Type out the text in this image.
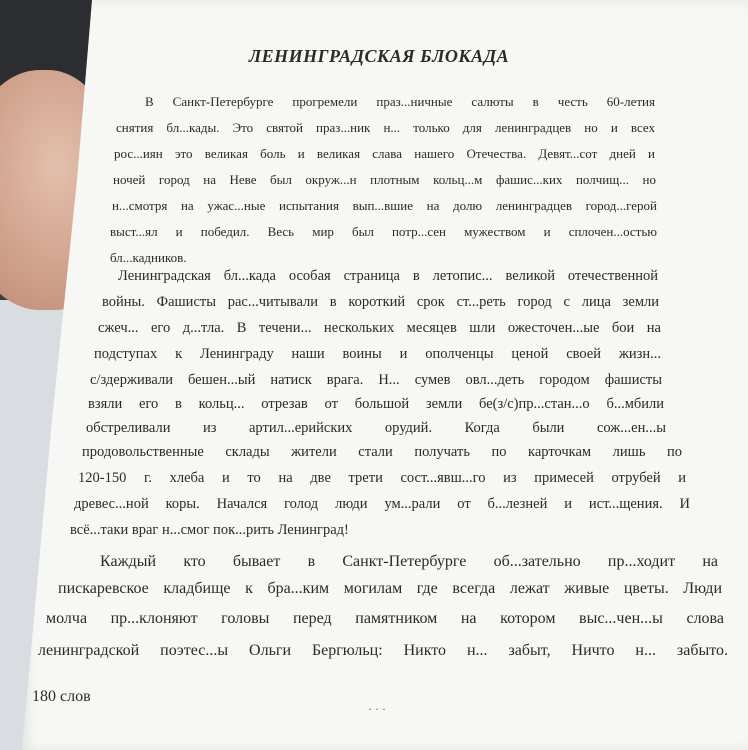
ЛЕНИНГРАДСКАЯ БЛОКАДА
В Санкт-Петербурге прогремели праз...ничные салюты в честь 60-летия
снятия бл...кады. Это святой праз...ник н... только для ленинградцев но и всех
рос...иян это великая боль и великая слава нашего Отечества. Девят...сот дней и
ночей город на Неве был окруж...н плотным кольц...м фашис...ких полчищ... но
н...смотря на ужас...ные испытания вып...вшие на долю ленинградцев город...герой
выст...ял и победил. Весь мир был потр...сен мужеством и сплочен...остью
бл...кадников.
Ленинградская бл...када особая страница в летопис... великой отечественной
войны. Фашисты рас...читывали в короткий срок ст...реть город с лица земли
сжеч... его д...тла. В течени... нескольких месяцев шли ожесточен...ые бои на
подступах к Ленинграду наши воины и ополченцы ценой своей жизн...
с/здерживали бешен...ый натиск врага. Н... сумев овл...деть городом фашисты
взяли его в кольц... отрезав от большой земли бе(з/с)пр...стан...о б...мбили
обстреливали из артил...ерийских орудий. Когда были сож...ен...ы
продовольственные склады жители стали получать по карточкам лишь по
120-150 г. хлеба и то на две трети сост...явш...го из примесей отрубей и
древес...ной коры. Начался голод люди ум...рали от б...лезней и ист...щения. И
всё...таки враг н...смог пок...рить Ленинград!
Каждый кто бывает в Санкт-Петербурге об...зательно пр...ходит на
пискаревское кладбище к бра...ким могилам где всегда лежат живые цветы. Люди
молча пр...клоняют головы перед памятником на котором выс...чен...ы слова
ленинградской поэтес...ы Ольги Бергюльц: Никто н... забыт, Ничто н... забыто.
180 слов
· · ·
